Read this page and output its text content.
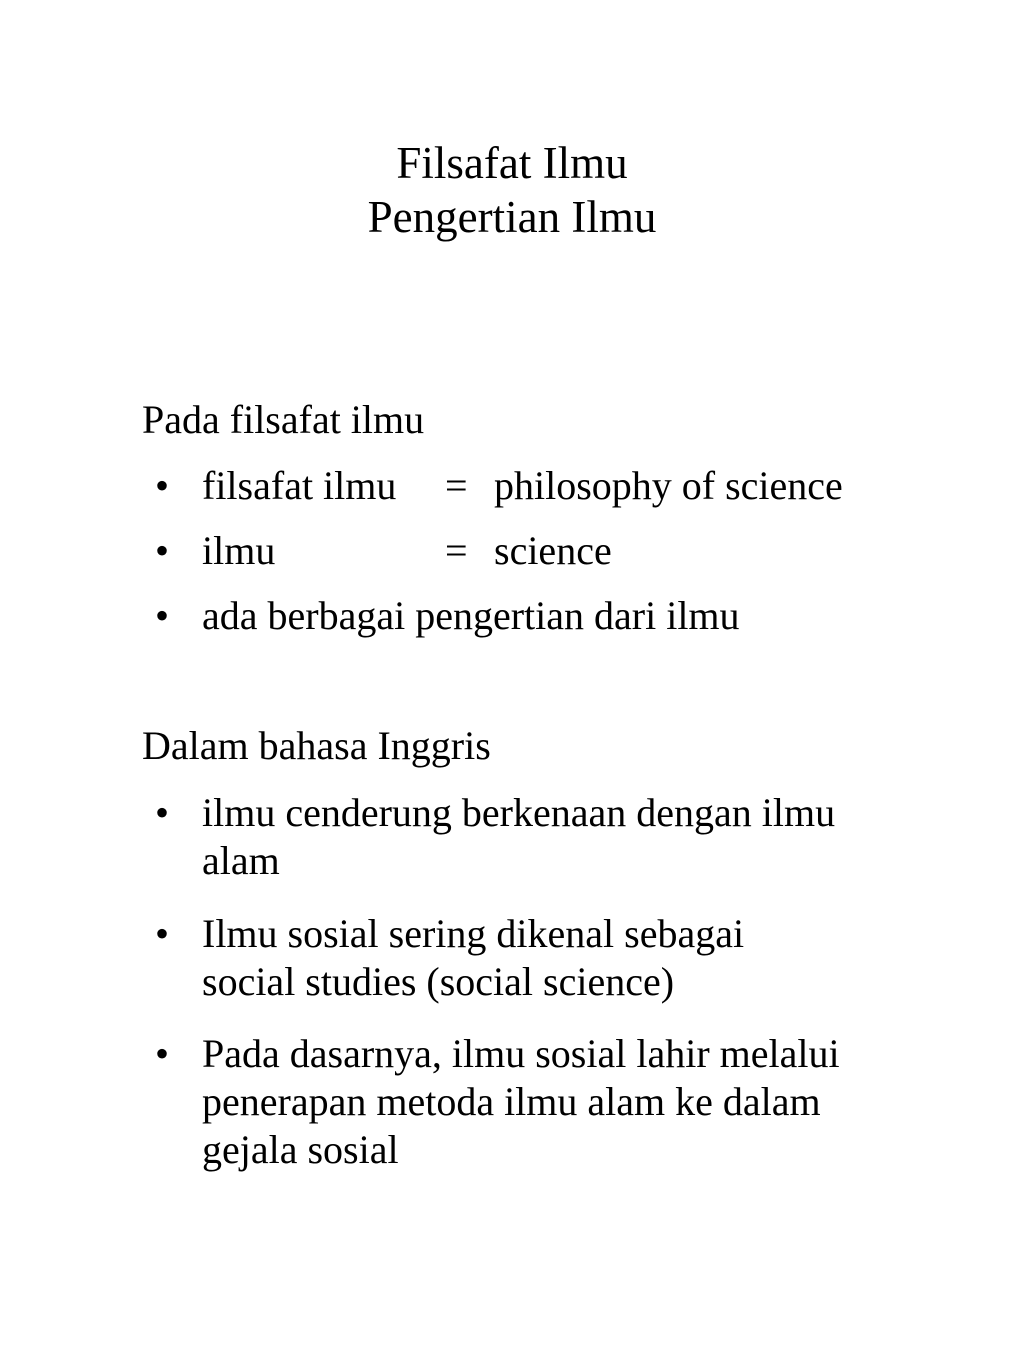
Filsafat Ilmu
Pengertian Ilmu
Pada filsafat ilmu
• filsafat ilmu = philosophy of science
• ilmu	= science
• ada berbagai pengertian dari ilmu
Dalam bahasa Inggris
• ilmu cenderung berkenaan dengan ilmu
alam
• Ilmu sosial sering dikenal sebagai
social studies (social science)
• Pada dasarnya, ilmu sosial lahir melalui
penerapan metoda ilmu alam ke dalam
gejala sosial
